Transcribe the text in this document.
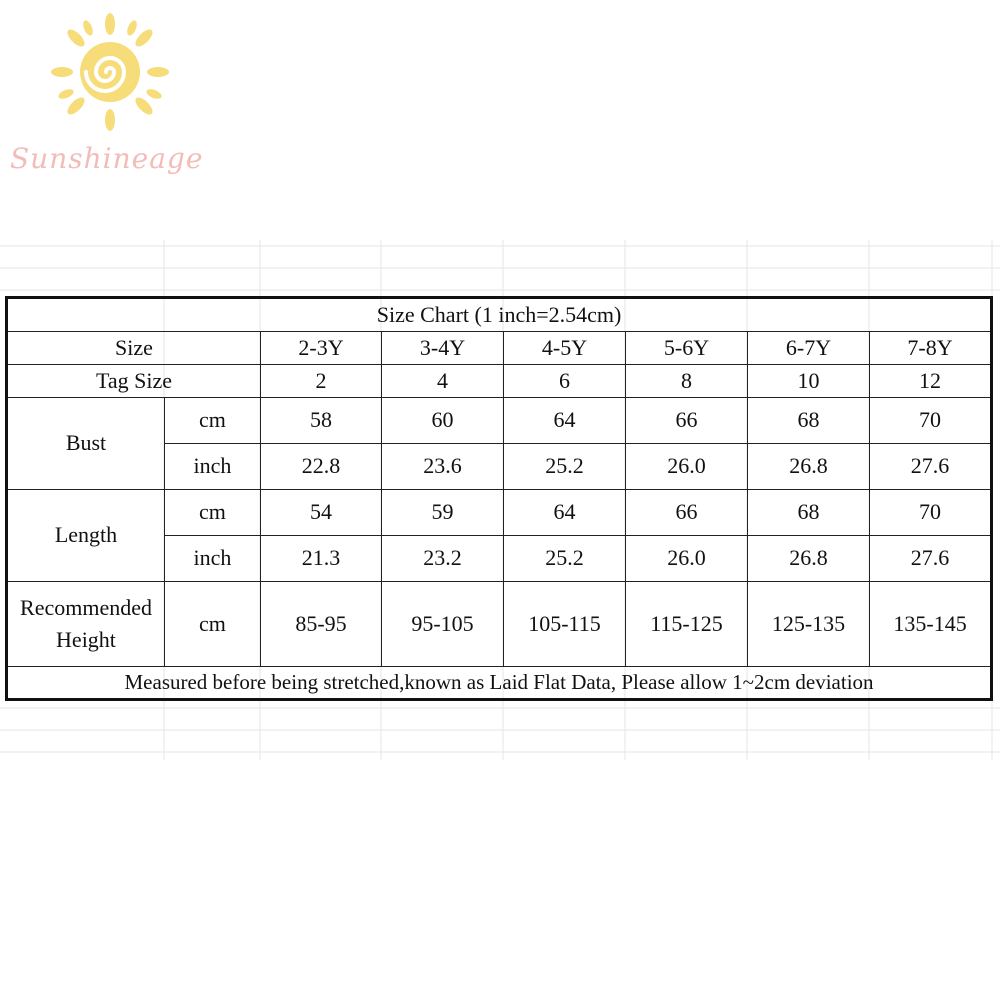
Sunshineage
Size Chart (1 inch=2.54cm)							
Size		2-3Y	3-4Y	4-5Y	5-6Y	6-7Y	7-8Y
Tag Size		2	4	6	8	10	12
Bust	cm	58	60	64	66	68	70
	inch	22.8	23.6	25.2	26.0	26.8	27.6
Length	cm	54	59	64	66	68	70
	inch	21.3	23.2	25.2	26.0	26.8	27.6
Recommended
Height	cm	85-95	95-105	105-115	115-125	125-135	135-145
Measured before being stretched,known as Laid Flat Data, Please allow 1~2cm deviation							
